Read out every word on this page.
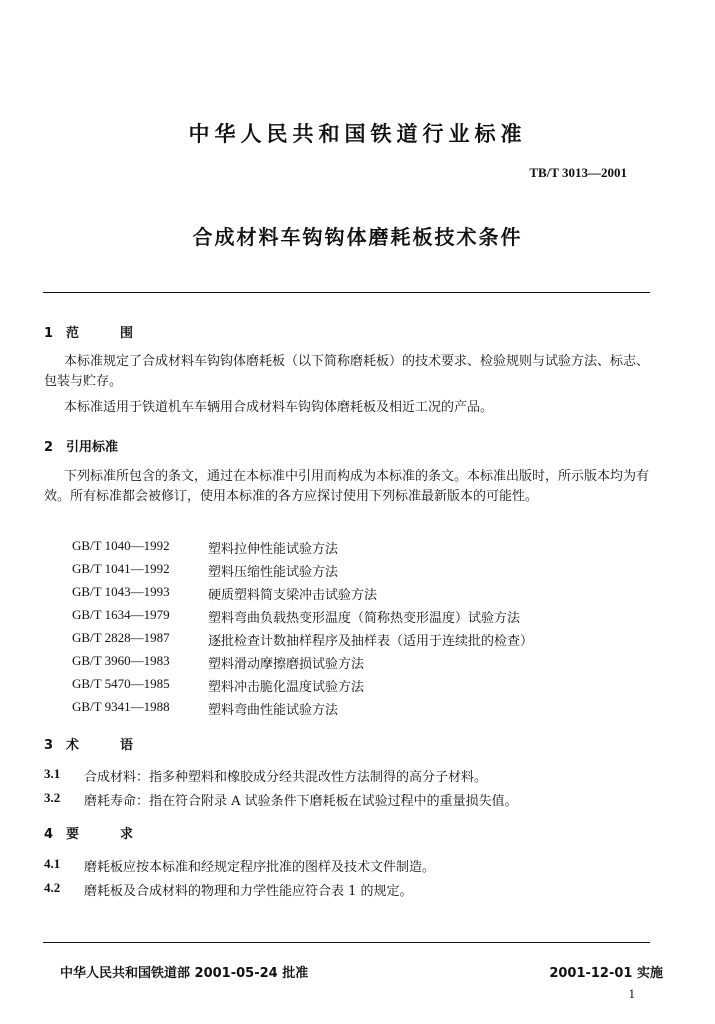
中华人民共和国铁道行业标准
TB/T 3013—2001
合成材料车钩钩体磨耗板技术条件
1 范　围
本标准规定了合成材料车钩钩体磨耗板（以下简称磨耗板）的技术要求、检验规则与试验方法、标志、包装与贮存。
本标准适用于铁道机车车辆用合成材料车钩钩体磨耗板及相近工况的产品。
2 引用标准
下列标准所包含的条文，通过在本标准中引用而构成为本标准的条文。本标准出版时，所示版本均为有效。所有标准都会被修订，使用本标准的各方应探讨使用下列标准最新版本的可能性。
GB/T 1040—1992	塑料拉伸性能试验方法
GB/T 1041—1992	塑料压缩性能试验方法
GB/T 1043—1993	硬质塑料简支梁冲击试验方法
GB/T 1634—1979	塑料弯曲负载热变形温度（简称热变形温度）试验方法
GB/T 2828—1987	逐批检查计数抽样程序及抽样表（适用于连续批的检查）
GB/T 3960—1983	塑料滑动摩擦磨损试验方法
GB/T 5470—1985	塑料冲击脆化温度试验方法
GB/T 9341—1988	塑料弯曲性能试验方法
3 术　语
3.1 合成材料：指多种塑料和橡胶成分经共混改性方法制得的高分子材料。
3.2 磨耗寿命：指在符合附录 A 试验条件下磨耗板在试验过程中的重量损失值。
4 要　求
4.1 磨耗板应按本标准和经规定程序批准的图样及技术文件制造。
4.2 磨耗板及合成材料的物理和力学性能应符合表 1 的规定。
中华人民共和国铁道部 2001-05-24 批准	2001-12-01 实施
1
